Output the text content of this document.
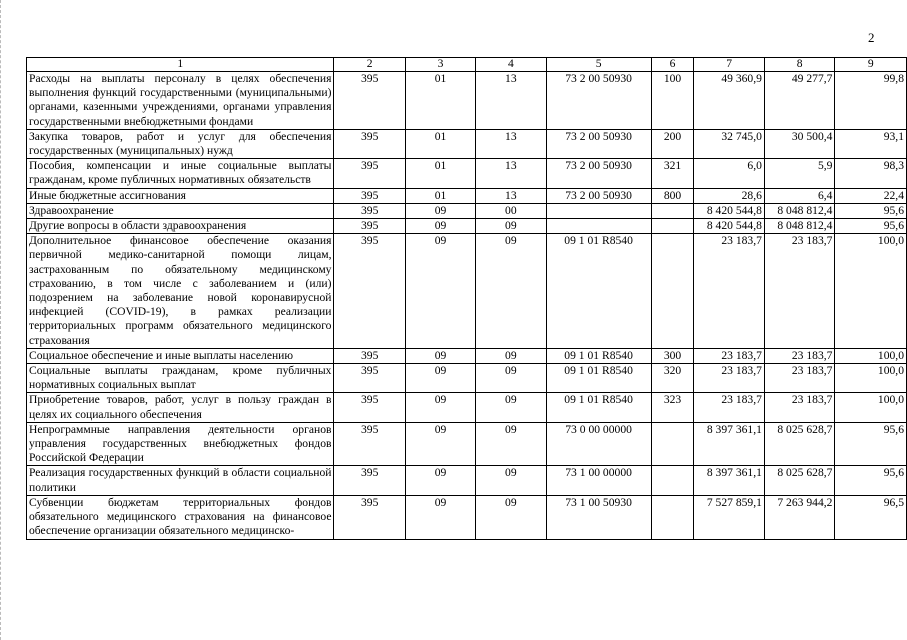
2
1	2	3	4	5	6	7	8	9
Расходы на выплаты персоналу в целях обеспечения выполнения функций государственными (муниципальными) органами, казенными учреждениями, органами управления государственными внебюджетными фондами	395	01	13	73 2 00 50930	100	49 360,9	49 277,7	99,8
Закупка товаров, работ и услуг для обеспечения государственных (муниципальных) нужд	395	01	13	73 2 00 50930	200	32 745,0	30 500,4	93,1
Пособия, компенсации и иные социальные выплаты гражданам, кроме публичных нормативных обязательств	395	01	13	73 2 00 50930	321	6,0	5,9	98,3
Иные бюджетные ассигнования	395	01	13	73 2 00 50930	800	28,6	6,4	22,4
Здравоохранение	395	09	00			8 420 544,8	8 048 812,4	95,6
Другие вопросы в области здравоохранения	395	09	09			8 420 544,8	8 048 812,4	95,6
Дополнительное финансовое обеспечение оказания первичной медико-санитарной помощи лицам, застрахованным по обязательному медицинскому страхованию, в том числе с заболеванием и (или) подозрением на заболевание новой коронавирусной инфекцией (COVID-19), в рамках реализации территориальных программ обязательного медицинского страхования	395	09	09	09 1 01 R8540		23 183,7	23 183,7	100,0
Социальное обеспечение и иные выплаты населению	395	09	09	09 1 01 R8540	300	23 183,7	23 183,7	100,0
Социальные выплаты гражданам, кроме публичных нормативных социальных выплат	395	09	09	09 1 01 R8540	320	23 183,7	23 183,7	100,0
Приобретение товаров, работ, услуг в пользу граждан в целях их социального обеспечения	395	09	09	09 1 01 R8540	323	23 183,7	23 183,7	100,0
Непрограммные направления деятельности органов управления государственных внебюджетных фондов Российской Федерации	395	09	09	73 0 00 00000		8 397 361,1	8 025 628,7	95,6
Реализация государственных функций в области социальной политики	395	09	09	73 1 00 00000		8 397 361,1	8 025 628,7	95,6
Субвенции бюджетам территориальных фондов обязательного медицинского страхования на финансовое обеспечение организации обязательного медицинско-	395	09	09	73 1 00 50930		7 527 859,1	7 263 944,2	96,5
